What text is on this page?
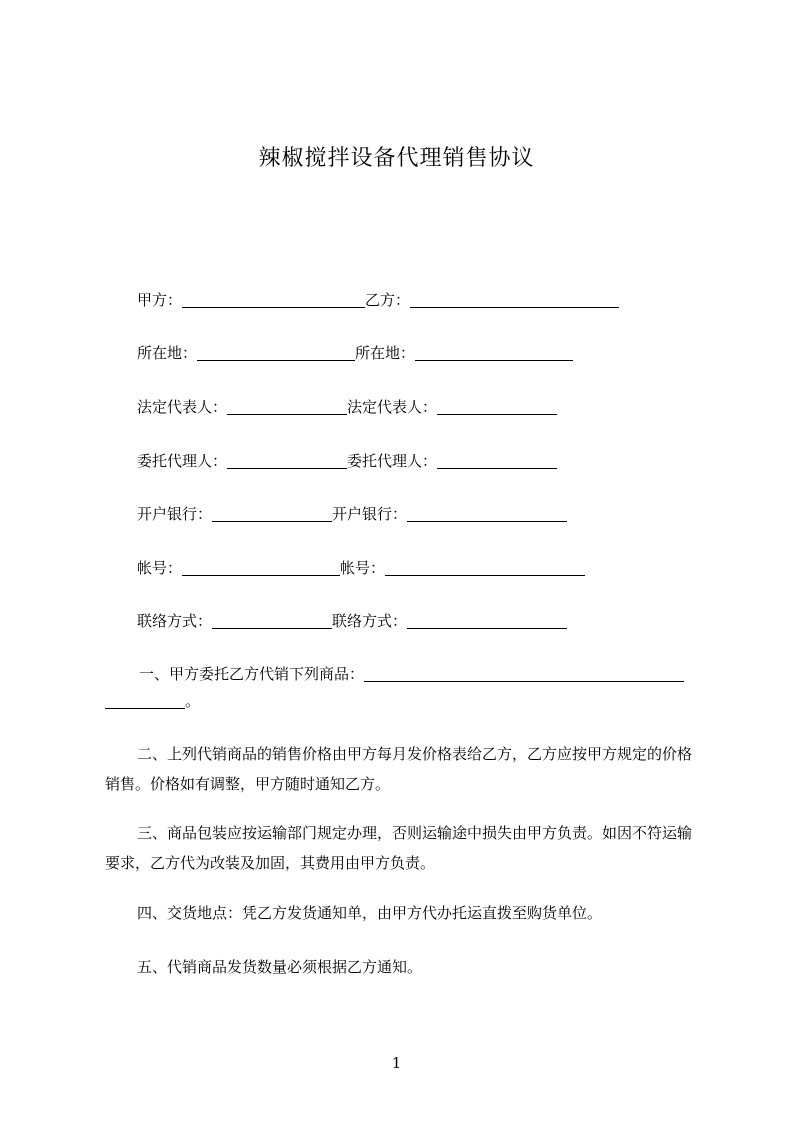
辣椒搅拌设备代理销售协议
甲方：	乙方：
所在地：	所在地：
法定代表人：	法定代表人：
委托代理人：	委托代理人：
开户银行：	开户银行：
帐号：	帐号：
联络方式：	联络方式：
一、甲方委托乙方代销下列商品：
。
二、上列代销商品的销售价格由甲方每月发价格表给乙方，乙方应按甲方规定的价格销售。价格如有调整，甲方随时通知乙方。
三、商品包装应按运输部门规定办理，否则运输途中损失由甲方负责。如因不符运输要求，乙方代为改装及加固，其费用由甲方负责。
四、交货地点：凭乙方发货通知单，由甲方代办托运直拨至购货单位。
五、代销商品发货数量必须根据乙方通知。
1
